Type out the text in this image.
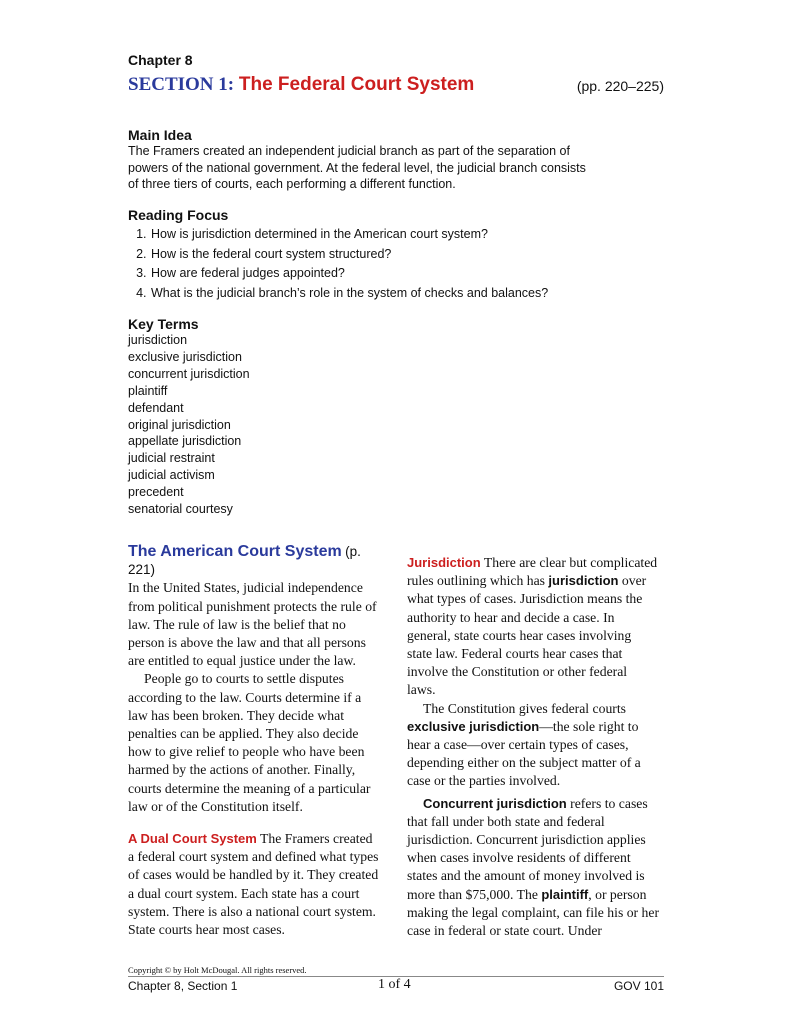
Chapter 8
SECTION 1: The Federal Court System	(pp. 220–225)
Main Idea

The Framers created an independent judicial branch as part of the separation of powers of the national government. At the federal level, the judicial branch consists of three tiers of courts, each performing a different function.

Reading Focus
1. How is jurisdiction determined in the American court system?
2. How is the federal court system structured?
3. How are federal judges appointed?
4. What is the judicial branch’s role in the system of checks and balances?
Key Terms
jurisdiction
exclusive jurisdiction
concurrent jurisdiction
plaintiff
defendant
original jurisdiction
appellate jurisdiction
judicial restraint
judicial activism
precedent
senatorial courtesy

The American Court System (p. 221)

In the United States, judicial independence from political punishment protects the rule of law. The rule of law is the belief that no person is above the law and that all persons are entitled to equal justice under the law.

People go to courts to settle disputes according to the law. Courts determine if a law has been broken. They decide what penalties can be applied. They also decide how to give relief to people who have been harmed by the actions of another. Finally, courts determine the meaning of a particular law or of the Constitution itself.

A Dual Court System The Framers created a federal court system and defined what types of cases would be handled by it. They created a dual court system. Each state has a court system. There is also a national court system. State courts hear most cases.

Jurisdiction There are clear but complicated rules outlining which has jurisdiction over what types of cases. Jurisdiction means the authority to hear and decide a case. In general, state courts hear cases involving state law. Federal courts hear cases that involve the Constitution or other federal laws.

The Constitution gives federal courts exclusive jurisdiction—the sole right to hear a case—over certain types of cases, depending either on the subject matter of a case or the parties involved.

Concurrent jurisdiction refers to cases that fall under both state and federal jurisdiction. Concurrent jurisdiction applies when cases involve residents of different states and the amount of money involved is more than $75,000. The plaintiff, or person making the legal complaint, can file his or her case in federal or state court. Under

Copyright © by Holt McDougal. All rights reserved.
Chapter 8, Section 1	1 of 4	GOV 101
